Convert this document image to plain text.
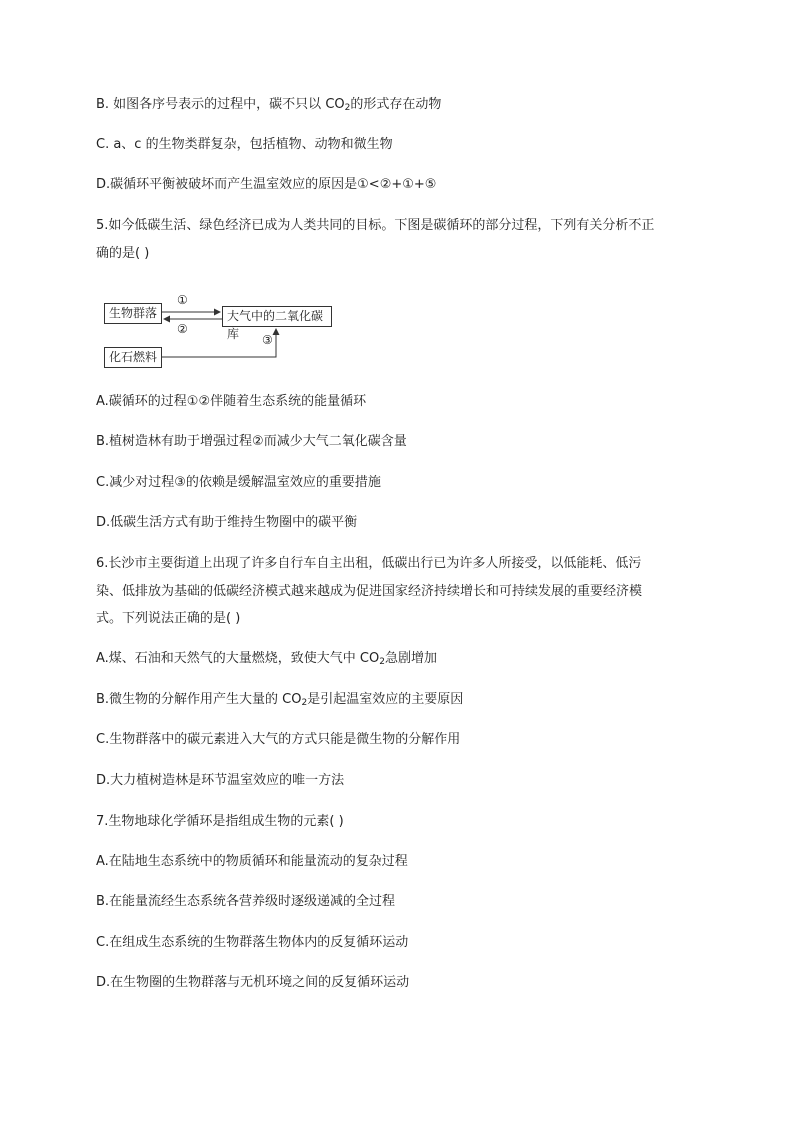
B. 如图各序号表示的过程中，碳不只以 $CO_2$的形式存在动物
C. a、c 的生物类群复杂，包括植物、动物和微生物
D.碳循环平衡被破坏而产生温室效应的原因是①<②+①+⑤
5.如今低碳生活、绿色经济已成为人类共同的目标。下图是碳循环的部分过程，下列有关分析不正
确的是( )
生物群落	大气中的二氧化碳库
化石燃料
①
②
③
A.碳循环的过程①②伴随着生态系统的能量循环
B.植树造林有助于增强过程②而减少大气二氧化碳含量
C.减少对过程③的依赖是缓解温室效应的重要措施
D.低碳生活方式有助于维持生物圈中的碳平衡
6.长沙市主要街道上出现了许多自行车自主出租，低碳出行已为许多人所接受，以低能耗、低污
染、低排放为基础的低碳经济模式越来越成为促进国家经济持续增长和可持续发展的重要经济模
式。下列说法正确的是( )
A.煤、石油和天然气的大量燃烧，致使大气中 $CO_2$急剧增加
B.微生物的分解作用产生大量的 $CO_2$是引起温室效应的主要原因
C.生物群落中的碳元素进入大气的方式只能是微生物的分解作用
D.大力植树造林是环节温室效应的唯一方法
7.生物地球化学循环是指组成生物的元素( )
A.在陆地生态系统中的物质循环和能量流动的复杂过程
B.在能量流经生态系统各营养级时逐级递减的全过程
C.在组成生态系统的生物群落生物体内的反复循环运动
D.在生物圈的生物群落与无机环境之间的反复循环运动
